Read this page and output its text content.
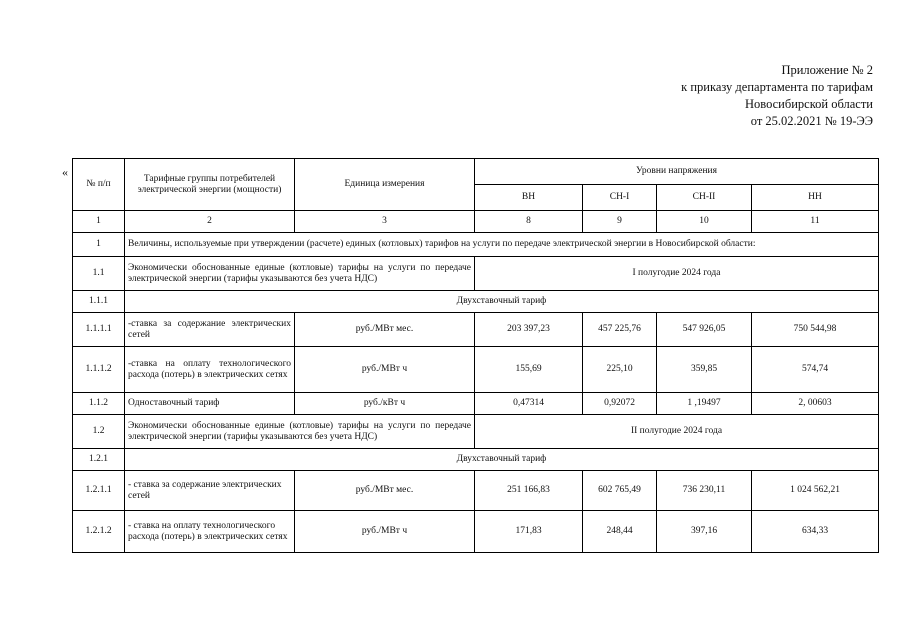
Приложение № 2
к приказу департамента по тарифам
Новосибирской области
от 25.02.2021 № 19-ЭЭ
«
№ п/п	Тарифные группы потребителей электрической энергии (мощности)	Единица измерения	Уровни напряжения			
			ВН	СН-I	СН-II	НН
1	2	3	8	9	10	11
1	Величины, используемые при утверждении (расчете) единых (котловых) тарифов на услуги по передаче электрической энергии в Новосибирской области:					
1.1	Экономически обоснованные единые (котловые) тарифы на услуги по передаче электрической энергии (тарифы указываются без учета НДС)		I полугодие 2024 года			
1.1.1	Двухставочный тариф					
1.1.1.1	-ставка за содержание электрических сетей	руб./МВт мес.	203 397,23	457 225,76	547 926,05	750 544,98
1.1.1.2	-ставка на оплату технологического расхода (потерь) в электрических сетях	руб./МВт ч	155,69	225,10	359,85	574,74
1.1.2	Одноставочный тариф	руб./кВт ч	0,47314	0,92072	1 ,19497	2, 00603
1.2	Экономически обоснованные единые (котловые) тарифы на услуги по передаче электрической энергии (тарифы указываются без учета НДС)		II полугодие 2024 года			
1.2.1	Двухставочный тариф					
1.2.1.1	- ставка за содержание электрических сетей	руб./МВт мес.	251 166,83	602 765,49	736 230,11	1 024 562,21
1.2.1.2	- ставка на оплату технологического расхода (потерь) в электрических сетях	руб./МВт ч	171,83	248,44	397,16	634,33
